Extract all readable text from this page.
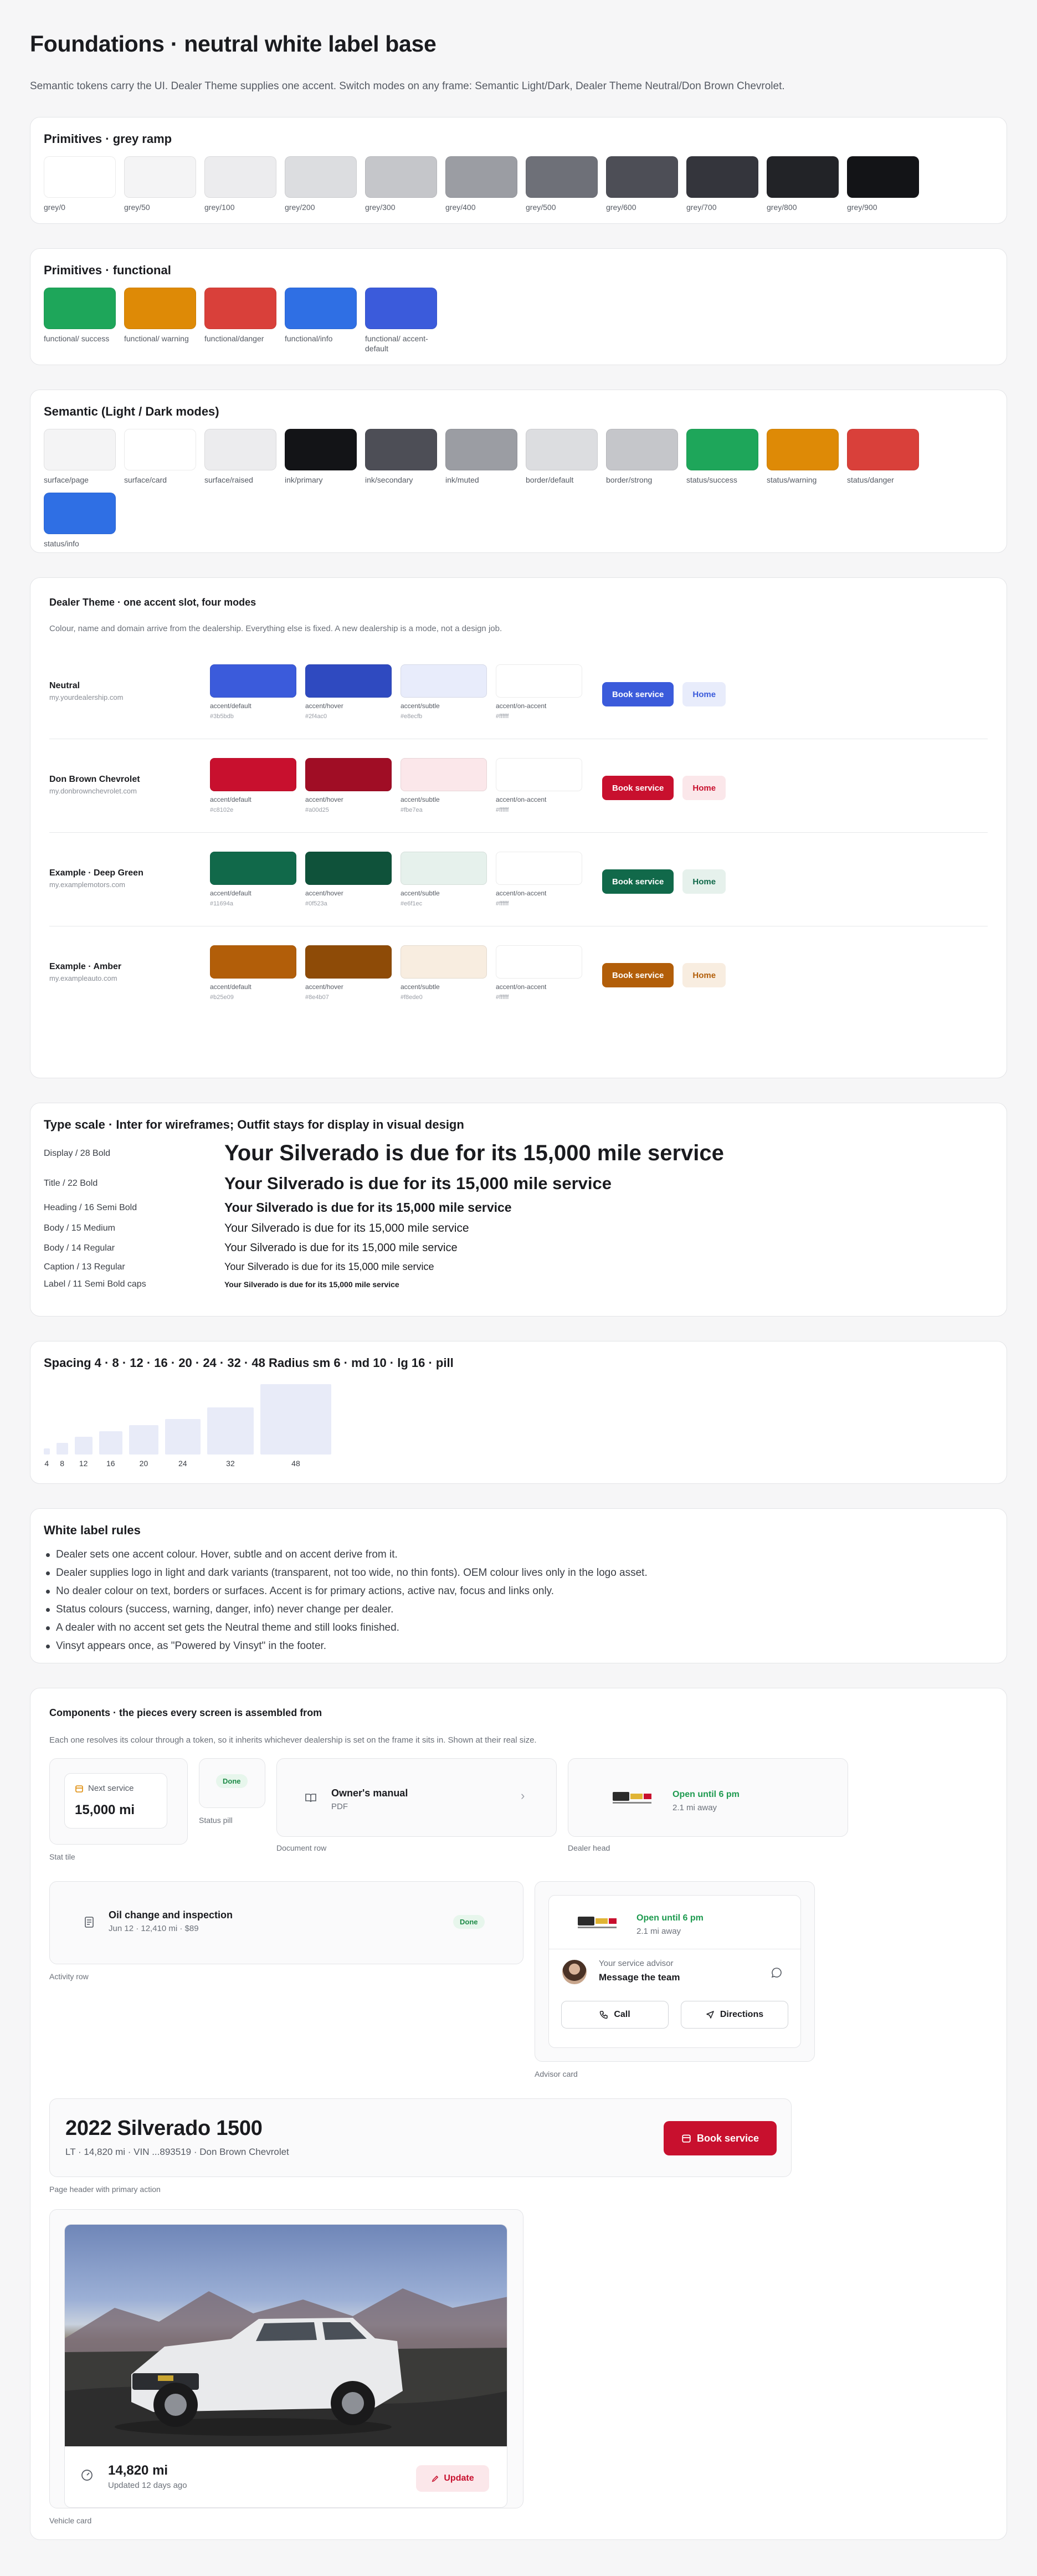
Foundations · neutral white label base

Semantic tokens carry the UI. Dealer Theme supplies one accent. Switch modes on any frame: Semantic Light/Dark, Dealer Theme Neutral/Don Brown Chevrolet.

Primitives · grey ramp
grey/0	grey/50	grey/100	grey/200	grey/300	grey/400	grey/500	grey/600	grey/700	grey/800	grey/900
Primitives · functional
functional/ success	functional/ warning	functional/danger	functional/info	functional/ accent-default
Semantic (Light / Dark modes)
surface/page	surface/card	surface/raised	ink/primary	ink/secondary	ink/muted	border/default	border/strong	status/success	status/warning	status/danger
status/info
Dealer Theme · one accent slot, four modes
Colour, name and domain arrive from the dealership. Everything else is fixed. A new dealership is a mode, not a design job.
Neutral
my.yourdealership.com
accent/default
#3b5bdb
accent/hover
#2f4ac0
accent/subtle
#e8ecfb
accent/on-accent
#ffffff
Book service	Home
Don Brown Chevrolet
my.donbrownchevrolet.com
accent/default
#c8102e
accent/hover
#a00d25
accent/subtle
#fbe7ea
accent/on-accent
#ffffff
Book service	Home
Example · Deep Green
my.examplemotors.com
accent/default
#11694a
accent/hover
#0f523a
accent/subtle
#e6f1ec
accent/on-accent
#ffffff
Book service	Home
Example · Amber
my.exampleauto.com
accent/default
#b25e09
accent/hover
#8e4b07
accent/subtle
#f8ede0
accent/on-accent
#ffffff
Book service	Home
Type scale · Inter for wireframes; Outfit stays for display in visual design
Display / 28 Bold	Your Silverado is due for its 15,000 mile service
Title / 22 Bold	Your Silverado is due for its 15,000 mile service
Heading / 16 Semi Bold	Your Silverado is due for its 15,000 mile service
Body / 15 Medium	Your Silverado is due for its 15,000 mile service
Body / 14 Regular	Your Silverado is due for its 15,000 mile service
Caption / 13 Regular	Your Silverado is due for its 15,000 mile service
Label / 11 Semi Bold caps	Your Silverado is due for its 15,000 mile service
Spacing 4 · 8 · 12 · 16 · 20 · 24 · 32 · 48 Radius sm 6 · md 10 · lg 16 · pill
4	8	12	16	20	24	32	48
White label rules
Dealer sets one accent colour. Hover, subtle and on accent derive from it.
Dealer supplies logo in light and dark variants (transparent, not too wide, no thin fonts). OEM colour lives only in the logo asset.
No dealer colour on text, borders or surfaces. Accent is for primary actions, active nav, focus and links only.
Status colours (success, warning, danger, info) never change per dealer.
A dealer with no accent set gets the Neutral theme and still looks finished.
Vinsyt appears once, as "Powered by Vinsyt" in the footer.
Components · the pieces every screen is assembled from
Each one resolves its colour through a token, so it inherits whichever dealership is set on the frame it sits in. Shown at their real size.
Next service
15,000 mi
Stat tile
Done
Status pill
Owner's manual
PDF
›
Document row
Open until 6 pm
2.1 mi away
Dealer head
Oil change and inspection
Jun 12 · 12,410 mi · $89
Done
Activity row
Open until 6 pm
2.1 mi away
Your service advisor
Message the team
Call	Directions
Advisor card
2022 Silverado 1500
LT · 14,820 mi · VIN ...893519 · Don Brown Chevrolet
Book service
Page header with primary action
14,820 mi
Updated 12 days ago
Update
Vehicle card
